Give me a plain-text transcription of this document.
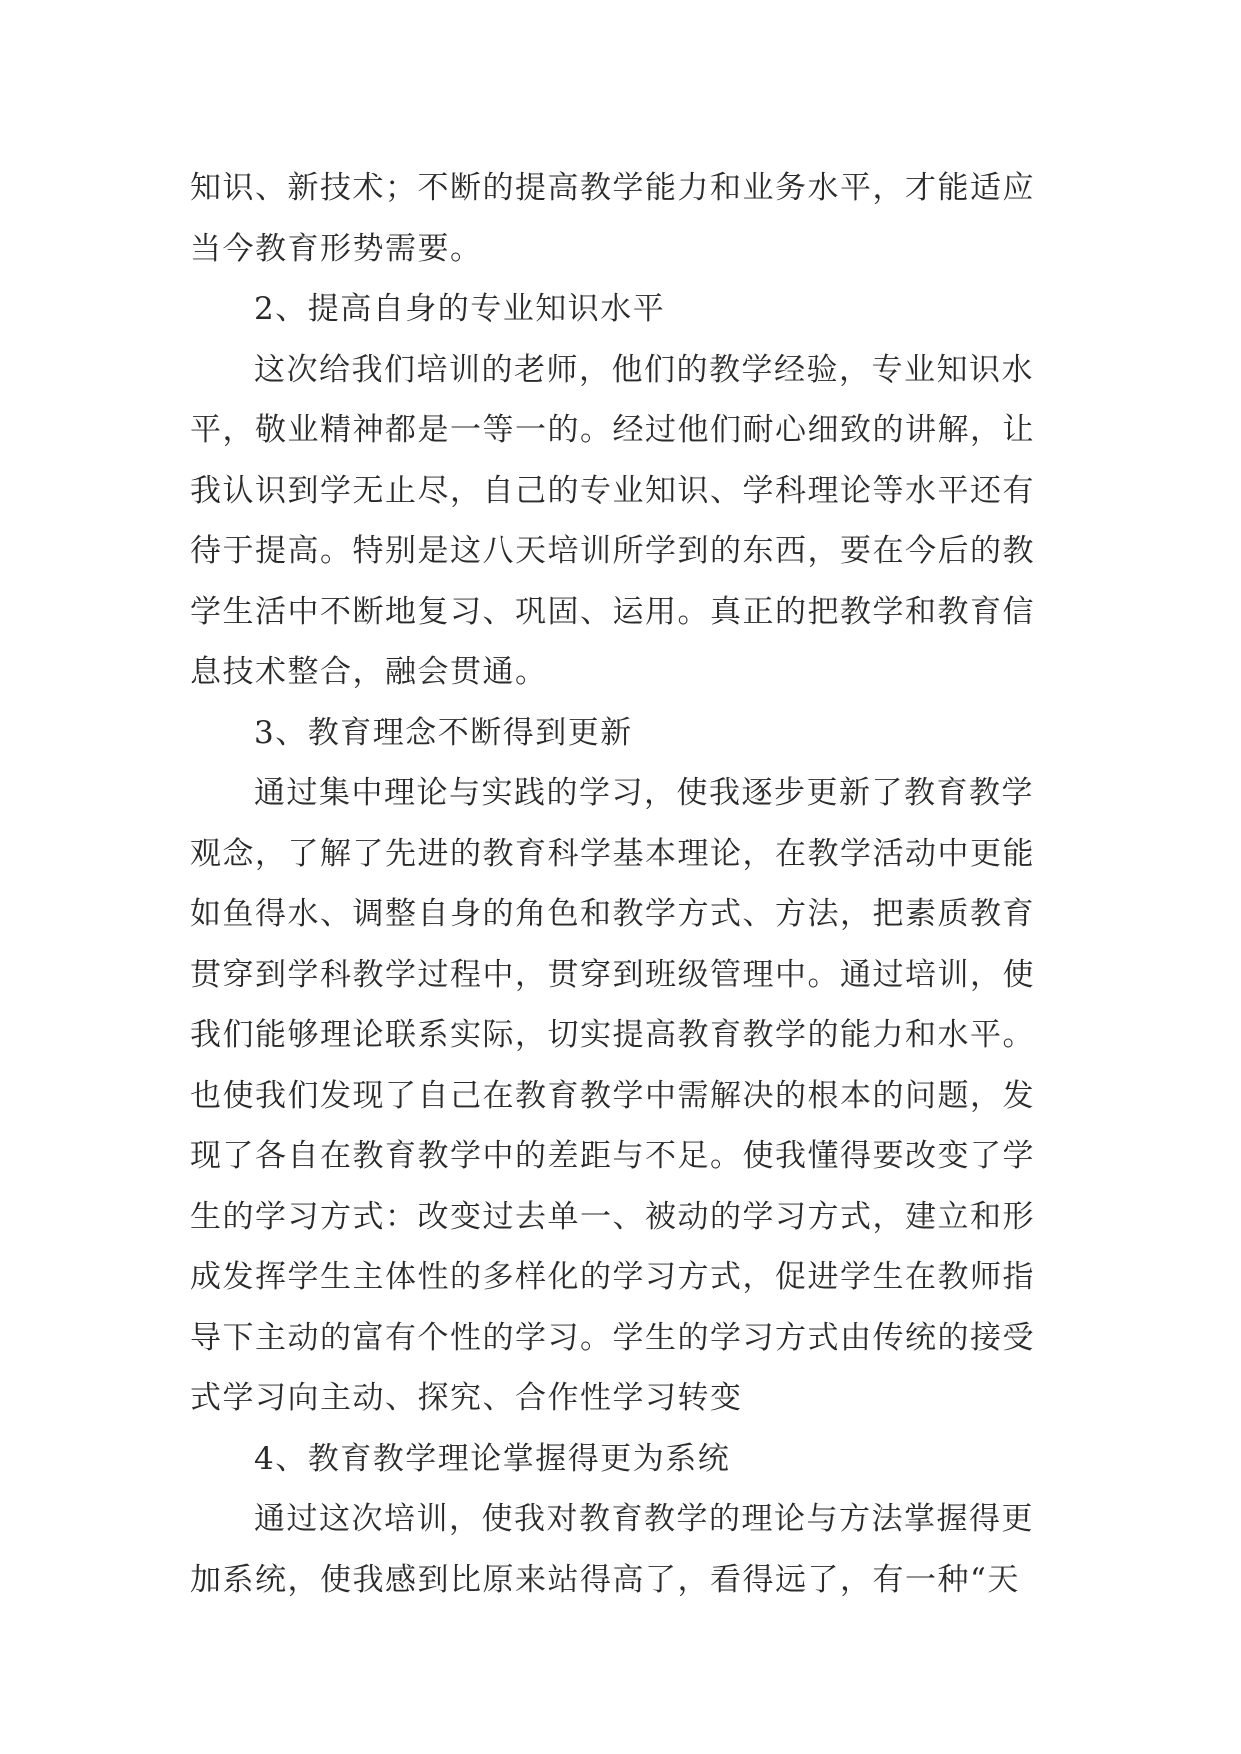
知识、新技术；不断的提高教学能力和业务水平，才能适应
当今教育形势需要。
2、提高自身的专业知识水平
这次给我们培训的老师，他们的教学经验，专业知识水
平，敬业精神都是一等一的。经过他们耐心细致的讲解，让
我认识到学无止尽，自己的专业知识、学科理论等水平还有
待于提高。特别是这八天培训所学到的东西，要在今后的教
学生活中不断地复习、巩固、运用。真正的把教学和教育信
息技术整合，融会贯通。
3、教育理念不断得到更新
通过集中理论与实践的学习，使我逐步更新了教育教学
观念，了解了先进的教育科学基本理论，在教学活动中更能
如鱼得水、调整自身的角色和教学方式、方法，把素质教育
贯穿到学科教学过程中，贯穿到班级管理中。通过培训，使
我们能够理论联系实际，切实提高教育教学的能力和水平。
也使我们发现了自己在教育教学中需解决的根本的问题，发
现了各自在教育教学中的差距与不足。使我懂得要改变了学
生的学习方式：改变过去单一、被动的学习方式，建立和形
成发挥学生主体性的多样化的学习方式，促进学生在教师指
导下主动的富有个性的学习。学生的学习方式由传统的接受
式学习向主动、探究、合作性学习转变
4、教育教学理论掌握得更为系统
通过这次培训，使我对教育教学的理论与方法掌握得更
加系统，使我感到比原来站得高了，看得远了，有一种“天
